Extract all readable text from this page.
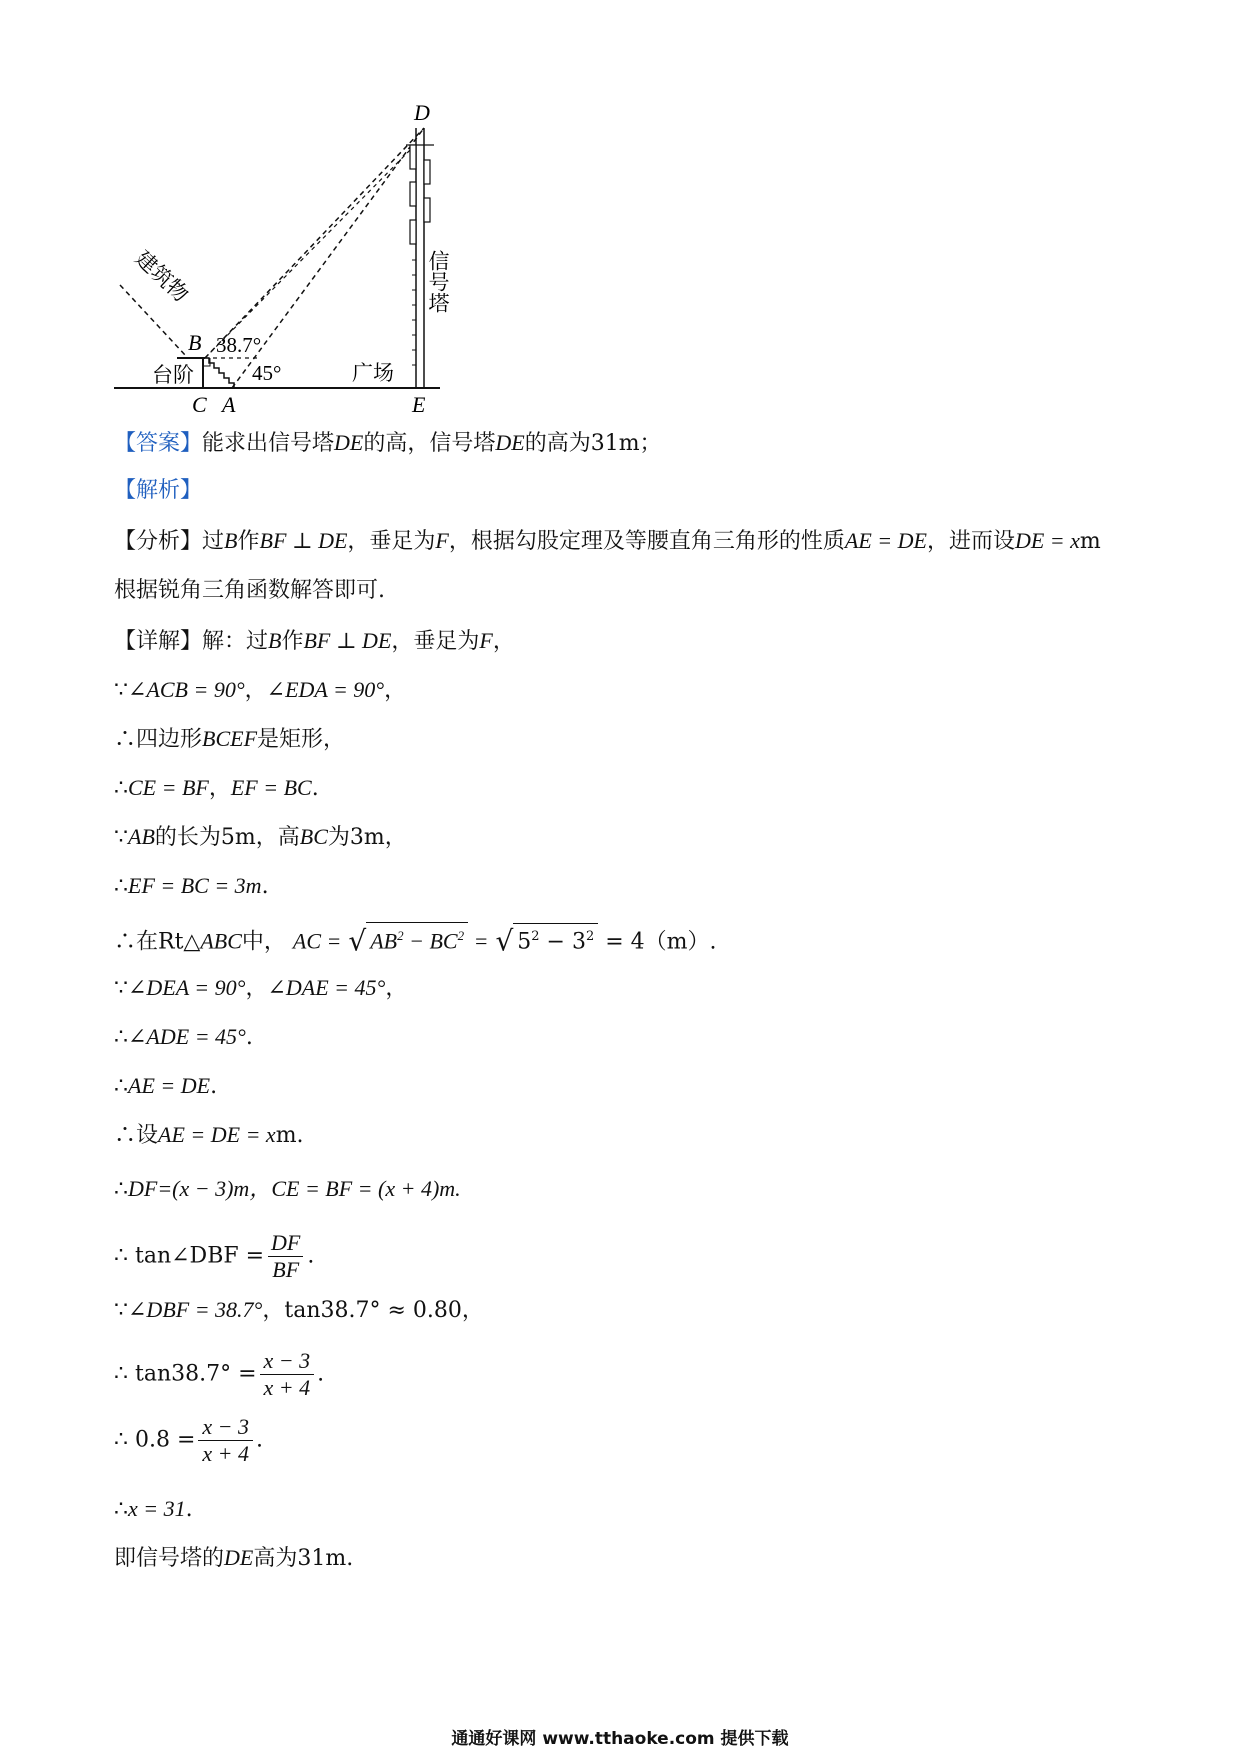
D
B
C A	E
38.7°
45°
台阶	广场
建筑物	信号塔
【答案】能求出信号塔DE的高，信号塔DE的高为31m；
【解析】
【分析】过B作BF ⊥ DE，垂足为F，根据勾股定理及等腰直角三角形的性质AE = DE，进而设DE = xm
根据锐角三角函数解答即可.
【详解】解：过B作BF ⊥ DE，垂足为F，
∵∠ACB = 90°，∠EDA = 90°，
∴四边形BCEF是矩形，
∴CE = BF，EF = BC.
∵AB的长为5m，高BC为3m，
∴EF = BC = 3m.
∴在Rt△ABC中， AC = √ $AB^2 - BC^2$ = √ $5^2 - 3^2 = 4(m)$.
∵∠DEA = 90°，∠DAE = 45°，
∴∠ADE = 45°.
∴AE = DE.
∴设AE = DE = xm.
∴DF=(x − 3)m，CE = BF = (x + 4)m.
∴ tan∠DBF = $\frac{DF}{BF}$ .
∵∠DBF = 38.7°，tan38.7° ≈ 0.80，
∴ $\tan 38.7^\circ = \frac{x - 3}{x + 4}$ .
∴ $0.8 = \frac{x - 3}{x + 4}$ .
∴x = 31.
即信号塔的DE高为31m.
通通好课网 www.tthaoke.com 提供下载
